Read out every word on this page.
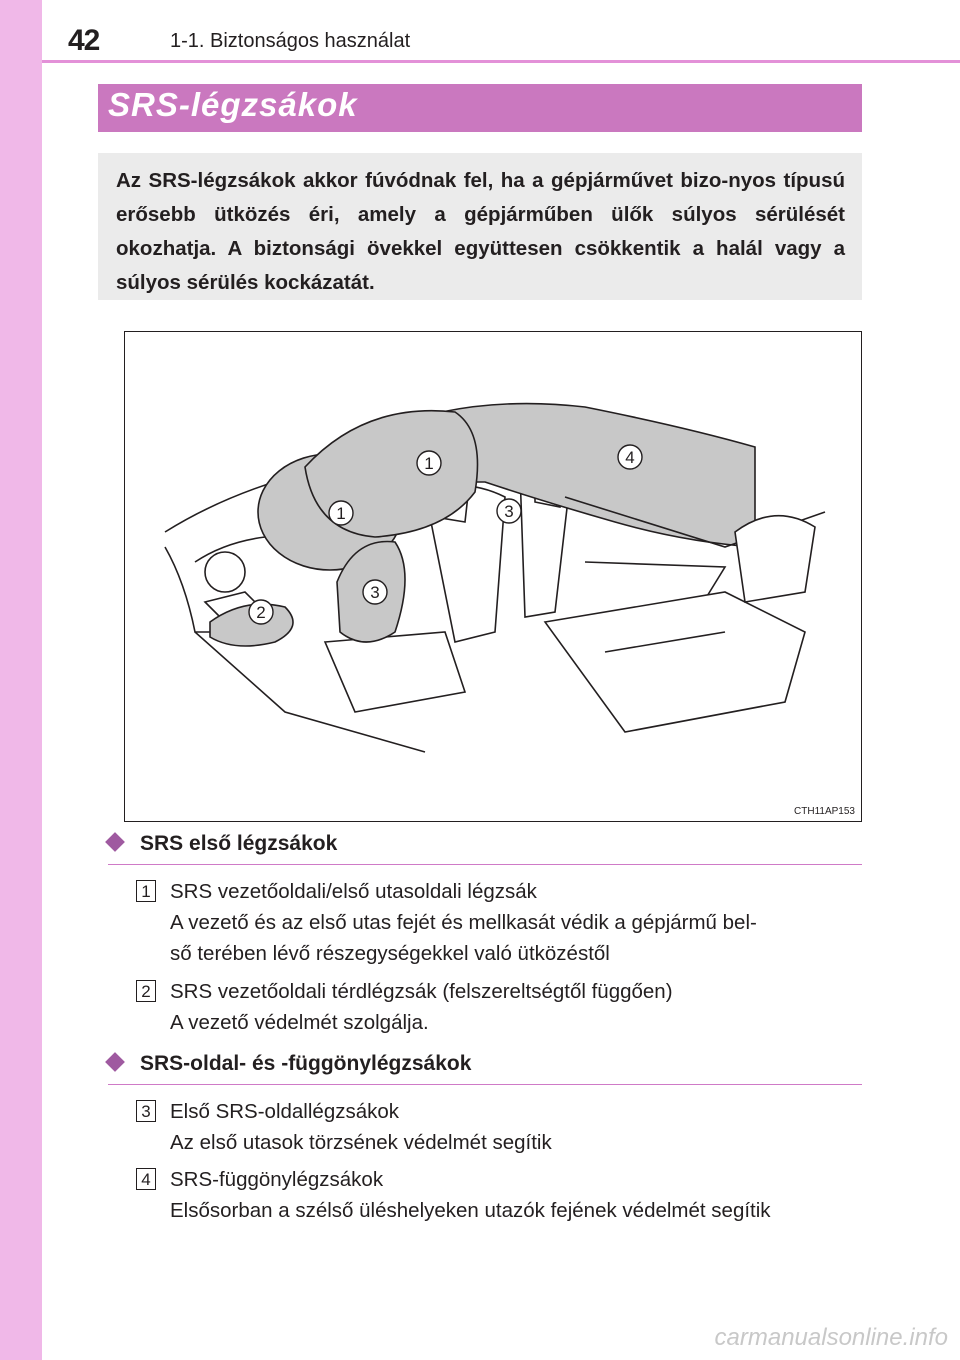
42	1-1. Biztonságos használat
SRS-légzsákok
Az SRS-légzsákok akkor fúvódnak fel, ha a gépjárművet bizo-nyos típusú erősebb ütközés éri, amely a gépjárműben ülők súlyos sérülését okozhatja. A biztonsági övekkel együttesen csökkentik a halál vagy a súlyos sérülés kockázatát.
1
1
2
3
3
4
CTH11AP153
SRS első légzsákok
1 SRS vezetőoldali/első utasoldali légzsák
A vezető és az első utas fejét és mellkasát védik a gépjármű bel-
ső terében lévő részegységekkel való ütközéstől
2 SRS vezetőoldali térdlégzsák (felszereltségtől függően)
A vezető védelmét szolgálja.
SRS-oldal- és -függönylégzsákok
3 Első SRS-oldallégzsákok
Az első utasok törzsének védelmét segítik
4 SRS-függönylégzsákok
Elsősorban a szélső üléshelyeken utazók fejének védelmét segítik
carmanualsonline.info
